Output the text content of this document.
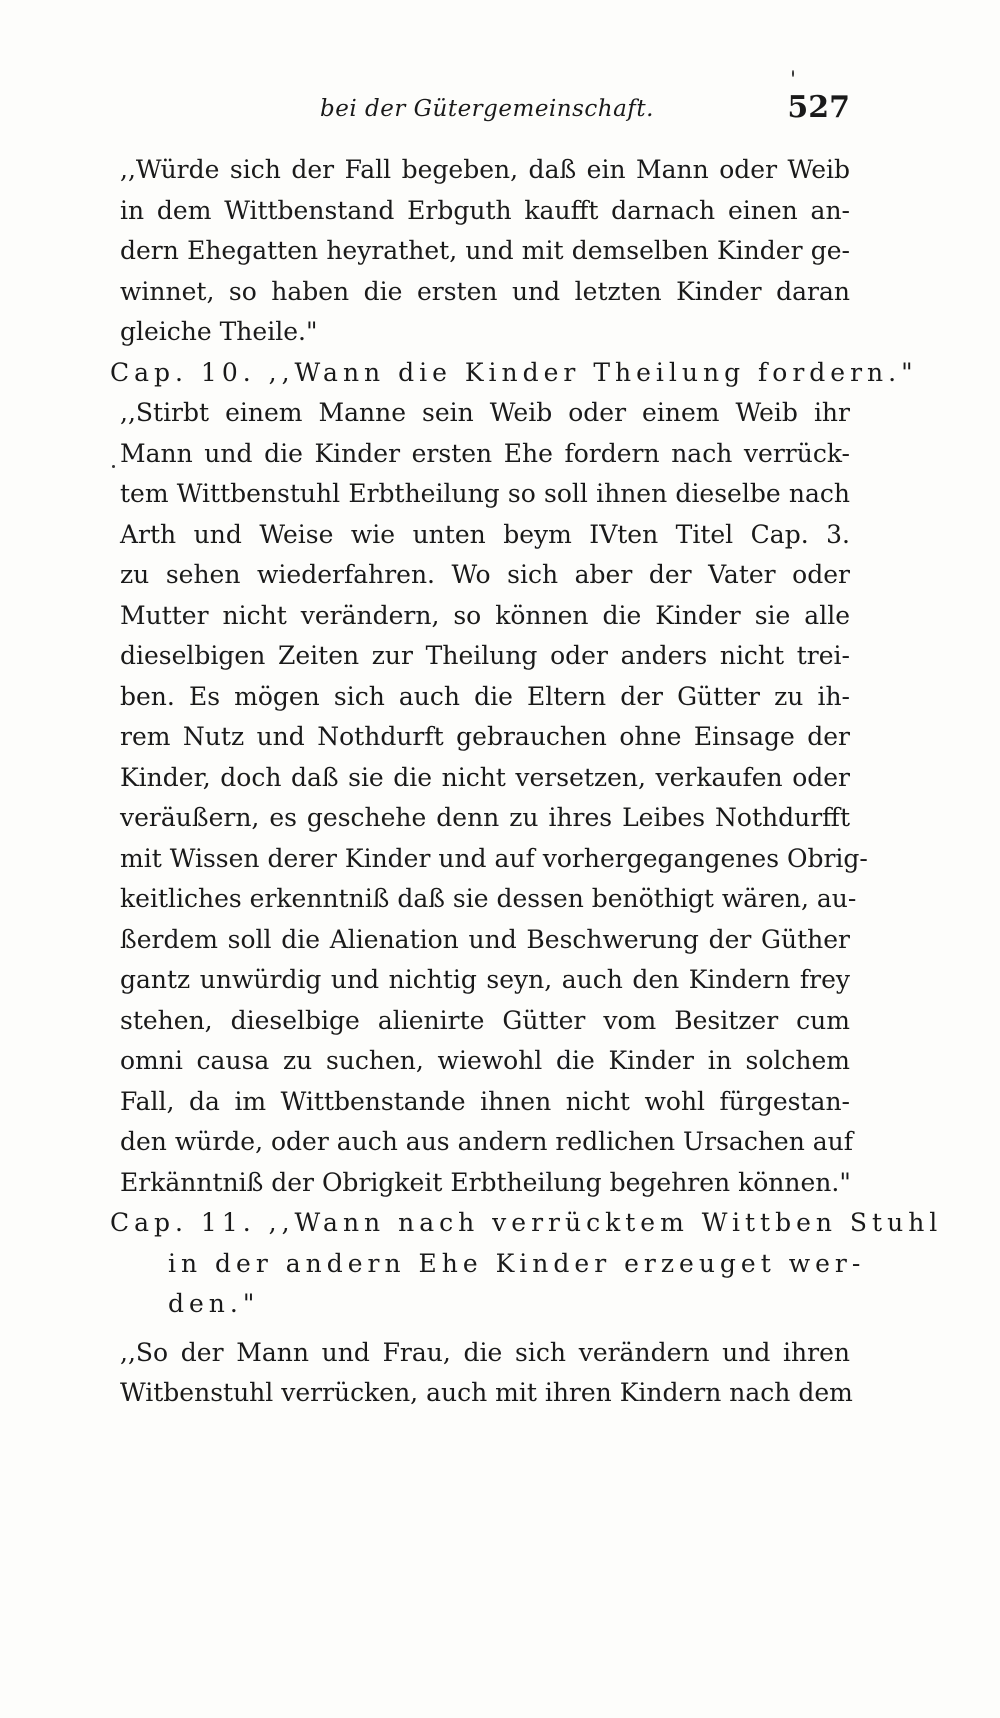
bei der Gütergemeinschaft.	527
,,Würde sich der Fall begeben, daß ein Mann oder Weib
in dem Wittbenstand Erbguth kaufft darnach einen an-
dern Ehegatten heyrathet, und mit demselben Kinder ge-
winnet, so haben die ersten und letzten Kinder daran
gleiche Theile."
Cap. 10. ,,Wann die Kinder Theilung fordern."
,,Stirbt einem Manne sein Weib oder einem Weib ihr
Mann und die Kinder ersten Ehe fordern nach verrück-
tem Wittbenstuhl Erbtheilung so soll ihnen dieselbe nach
Arth und Weise wie unten beym IVten Titel Cap. 3.
zu sehen wiederfahren. Wo sich aber der Vater oder
Mutter nicht verändern, so können die Kinder sie alle
dieselbigen Zeiten zur Theilung oder anders nicht trei-
ben. Es mögen sich auch die Eltern der Gütter zu ih-
rem Nutz und Nothdurft gebrauchen ohne Einsage der
Kinder, doch daß sie die nicht versetzen, verkaufen oder
veräußern, es geschehe denn zu ihres Leibes Nothdurfft
mit Wissen derer Kinder und auf vorhergegangenes Obrig-
keitliches erkenntniß daß sie dessen benöthigt wären, au-
ßerdem soll die Alienation und Beschwerung der Güther
gantz unwürdig und nichtig seyn, auch den Kindern frey
stehen, dieselbige alienirte Gütter vom Besitzer cum
omni causa zu suchen, wiewohl die Kinder in solchem
Fall, da im Wittbenstande ihnen nicht wohl fürgestan-
den würde, oder auch aus andern redlichen Ursachen auf
Erkänntniß der Obrigkeit Erbtheilung begehren können."
Cap. 11. ,,Wann nach verrücktem Wittben Stuhl
in der andern Ehe Kinder erzeuget wer-
den."
,,So der Mann und Frau, die sich verändern und ihren
Witbenstuhl verrücken, auch mit ihren Kindern nach dem
